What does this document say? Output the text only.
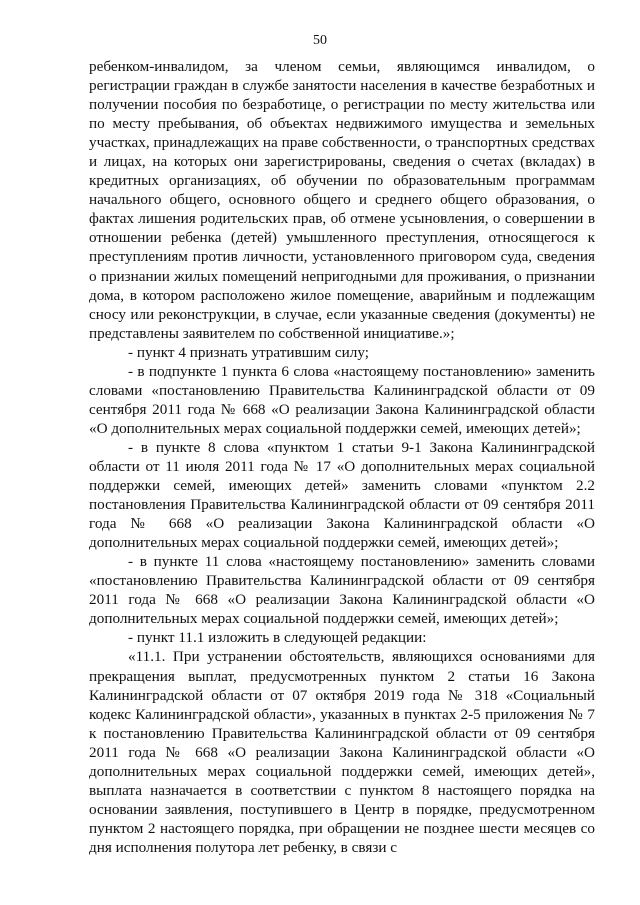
50

ребенком-инвалидом, за членом семьи, являющимся инвалидом, о регистрации граждан в службе занятости населения в качестве безработных и получении пособия по безработице, о регистрации по месту жительства или по месту пребывания, об объектах недвижимого имущества и земельных участках, принадлежащих на праве собственности, о транспортных средствах и лицах, на которых они зарегистрированы, сведения о счетах (вкладах) в кредитных организациях, об обучении по образовательным программам начального общего, основного общего и среднего общего образования, о фактах лишения родительских прав, об отмене усыновления, о совершении в отношении ребенка (детей) умышленного преступления, относящегося к преступлениям против личности, установленного приговором суда, сведения о признании жилых помещений непригодными для проживания, о признании дома, в котором расположено жилое помещение, аварийным и подлежащим сносу или реконструкции, в случае, если указанные сведения (документы) не представлены заявителем по собственной инициативе.»;

- пункт 4 признать утратившим силу;

- в подпункте 1 пункта 6 слова «настоящему постановлению» заменить словами «постановлению Правительства Калининградской области от 09 сентября 2011 года № 668 «О реализации Закона Калининградской области «О дополнительных мерах социальной поддержки семей, имеющих детей»;

- в пункте 8 слова «пунктом 1 статьи 9-1 Закона Калининградской области от 11 июля 2011 года № 17 «О дополнительных мерах социальной поддержки семей, имеющих детей» заменить словами «пунктом 2.2 постановления Правительства Калининградской области от 09 сентября 2011 года № 668 «О реализации Закона Калининградской области «О дополнительных мерах социальной поддержки семей, имеющих детей»;

- в пункте 11 слова «настоящему постановлению» заменить словами «постановлению Правительства Калининградской области от 09 сентября 2011 года № 668 «О реализации Закона Калининградской области «О дополнительных мерах социальной поддержки семей, имеющих детей»;

- пункт 11.1 изложить в следующей редакции:

«11.1. При устранении обстоятельств, являющихся основаниями для прекращения выплат, предусмотренных пунктом 2 статьи 16 Закона Калининградской области от 07 октября 2019 года № 318 «Социальный кодекс Калининградской области», указанных в пунктах 2-5 приложения № 7 к постановлению Правительства Калининградской области от 09 сентября 2011 года № 668 «О реализации Закона Калининградской области «О дополнительных мерах социальной поддержки семей, имеющих детей», выплата назначается в соответствии с пунктом 8 настоящего порядка на основании заявления, поступившего в Центр в порядке, предусмотренном пунктом 2 настоящего порядка, при обращении не позднее шести месяцев со дня исполнения полутора лет ребенку, в связи с
